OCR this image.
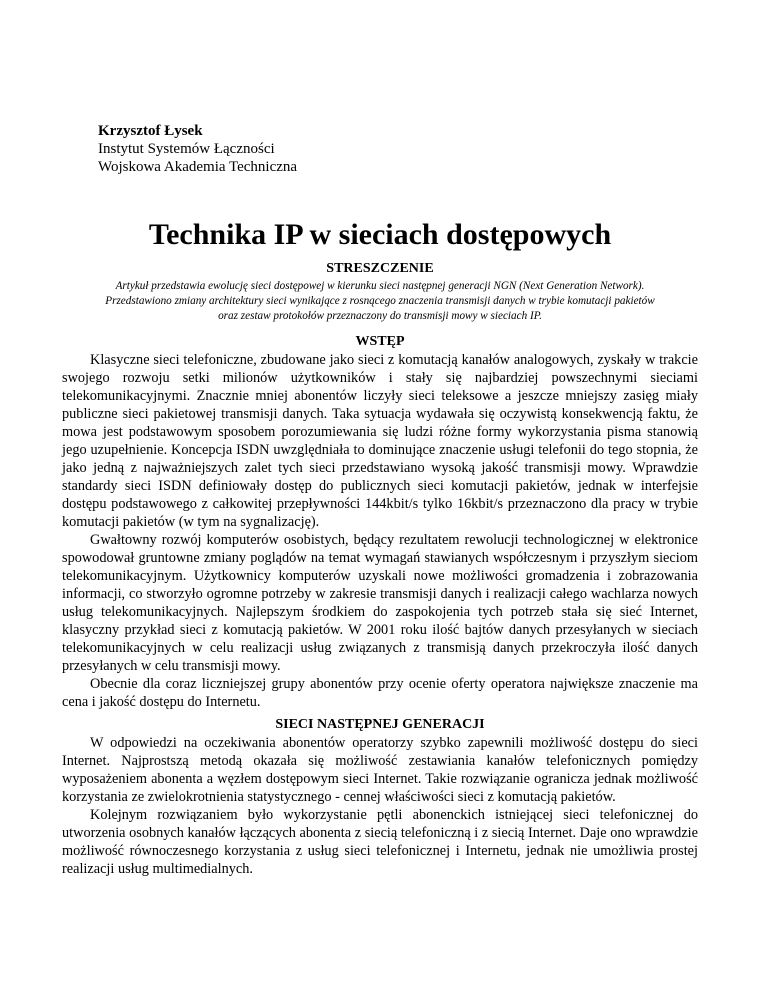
Krzysztof Łysek
Instytut Systemów Łączności
Wojskowa Akademia Techniczna
Technika IP w sieciach dostępowych
STRESZCZENIE

Artykuł przedstawia ewolucję sieci dostępowej w kierunku sieci następnej generacji NGN (Next Generation Network).

Przedstawiono zmiany architektury sieci wynikające z rosnącego znaczenia transmisji danych w trybie komutacji pakietów

oraz zestaw protokołów przeznaczony do transmisji mowy w sieciach IP.

WSTĘP

Klasyczne sieci telefoniczne, zbudowane jako sieci z komutacją kanałów analogowych, zyskały w trakcie swojego rozwoju setki milionów użytkowników i stały się najbardziej powszechnymi sieciami telekomunikacyjnymi. Znacznie mniej abonentów liczyły sieci teleksowe a jeszcze mniejszy zasięg miały publiczne sieci pakietowej transmisji danych. Taka sytuacja wydawała się oczywistą konsekwencją faktu, że mowa jest podstawowym sposobem porozumiewania się ludzi różne formy wykorzystania pisma stanowią jego uzupełnienie. Koncepcja ISDN uwzględniała to dominujące znaczenie usługi telefonii do tego stopnia, że jako jedną z najważniejszych zalet tych sieci przedstawiano wysoką jakość transmisji mowy. Wprawdzie standardy sieci ISDN definiowały dostęp do publicznych sieci komutacji pakietów, jednak w interfejsie dostępu podstawowego z całkowitej przepływności 144kbit/s tylko 16kbit/s przeznaczono dla pracy w trybie komutacji pakietów (w tym na sygnalizację).

Gwałtowny rozwój komputerów osobistych, będący rezultatem rewolucji technologicznej w elektronice spowodował gruntowne zmiany poglądów na temat wymagań stawianych współczesnym i przyszłym sieciom telekomunikacyjnym. Użytkownicy komputerów uzyskali nowe możliwości gromadzenia i zobrazowania informacji, co stworzyło ogromne potrzeby w zakresie transmisji danych i realizacji całego wachlarza nowych usług telekomunikacyjnych. Najlepszym środkiem do zaspokojenia tych potrzeb stała się sieć Internet, klasyczny przykład sieci z komutacją pakietów. W 2001 roku ilość bajtów danych przesyłanych w sieciach telekomunikacyjnych w celu realizacji usług związanych z transmisją danych przekroczyła ilość danych przesyłanych w celu transmisji mowy.

Obecnie dla coraz liczniejszej grupy abonentów przy ocenie oferty operatora największe znaczenie ma cena i jakość dostępu do Internetu.

SIECI NASTĘPNEJ GENERACJI

W odpowiedzi na oczekiwania abonentów operatorzy szybko zapewnili możliwość dostępu do sieci Internet. Najprostszą metodą okazała się możliwość zestawiania kanałów telefonicznych pomiędzy wyposażeniem abonenta a węzłem dostępowym sieci Internet. Takie rozwiązanie ogranicza jednak możliwość korzystania ze zwielokrotnienia statystycznego - cennej właściwości sieci z komutacją pakietów.

Kolejnym rozwiązaniem było wykorzystanie pętli abonenckich istniejącej sieci telefonicznej do utworzenia osobnych kanałów łączących abonenta z siecią telefoniczną i z siecią Internet. Daje ono wprawdzie możliwość równoczesnego korzystania z usług sieci telefonicznej i Internetu, jednak nie umożliwia prostej realizacji usług multimedialnych.
